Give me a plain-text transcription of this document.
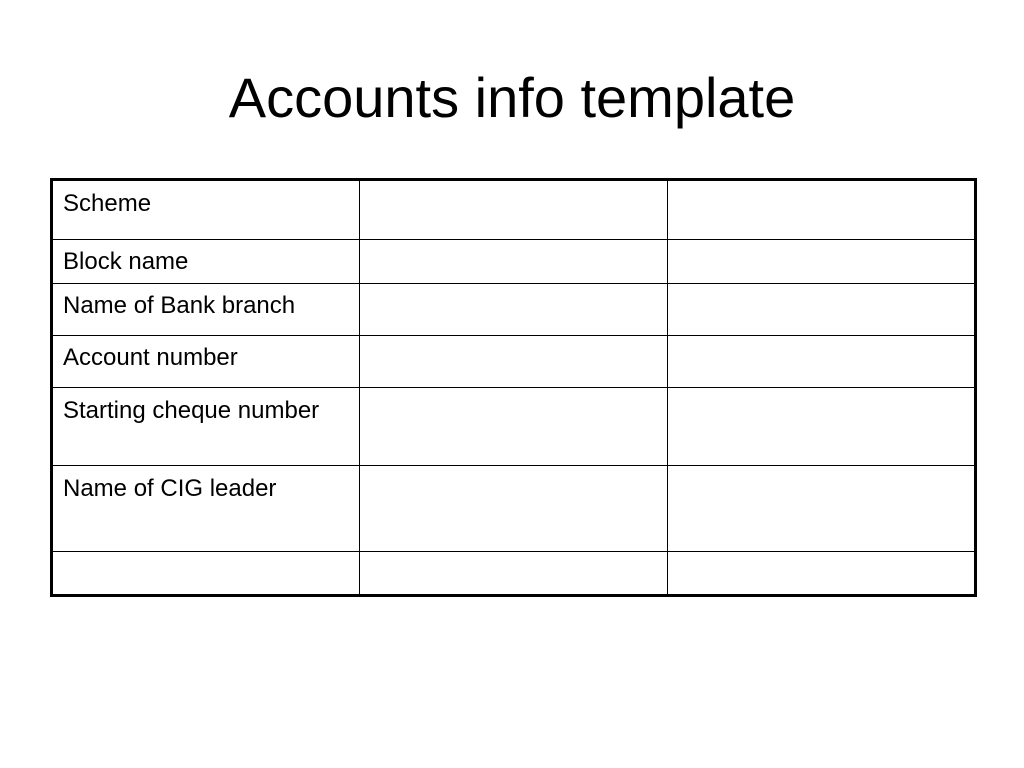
Accounts info template
Scheme		

Block name		

Name of Bank branch		

Account number		

Starting cheque number		

Name of CIG leader		
